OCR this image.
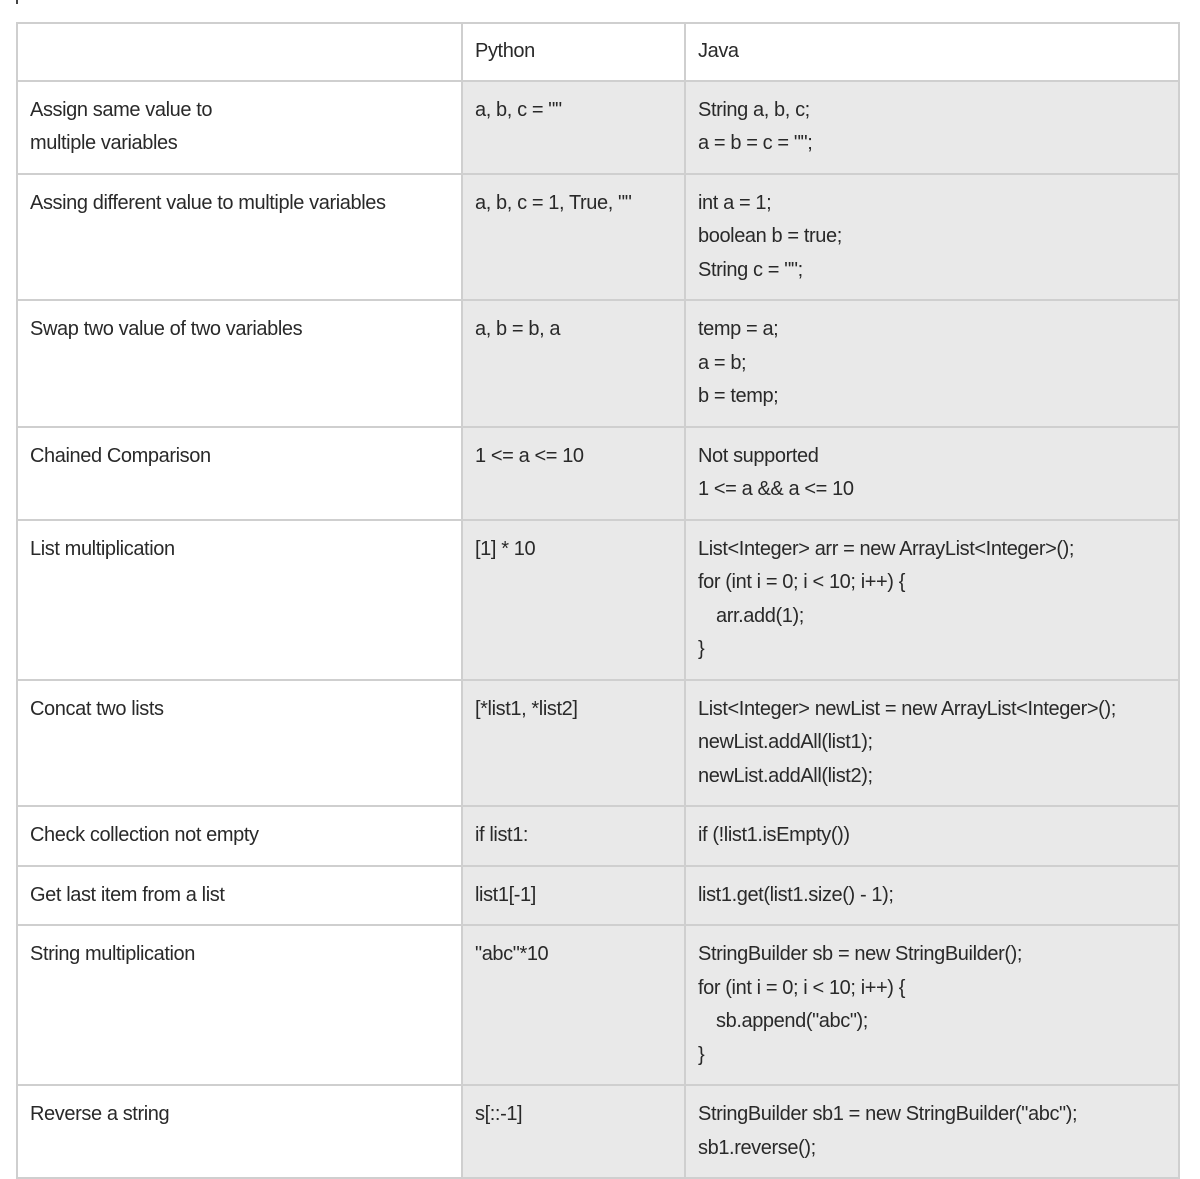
	Python	Java

Assign same value to
multiple variables	a, b, c = ""	String a, b, c;
a = b = c = "";

Assing different value to multiple variables	a, b, c = 1, True, ""	int a = 1;
boolean b = true;
String c = "";

Swap two value of two variables	a, b = b, a	temp = a;
a = b;
b = temp;

Chained Comparison	1 <= a <= 10	Not supported
1 <= a && a <= 10

List multiplication	[1] * 10	List<Integer> arr = new ArrayList<Integer>();
for (int i = 0; i < 10; i++) {
arr.add(1);
}

Concat two lists	[*list1, *list2]	List<Integer> newList = new ArrayList<Integer>();
newList.addAll(list1);
newList.addAll(list2);

Check collection not empty	if list1:	if (!list1.isEmpty())

Get last item from a list	list1[-1]	list1.get(list1.size() - 1);

String multiplication	"abc"*10	StringBuilder sb = new StringBuilder();
for (int i = 0; i < 10; i++) {
sb.append("abc");
}

Reverse a string	s[::-1]	StringBuilder sb1 = new StringBuilder("abc");
sb1.reverse();
